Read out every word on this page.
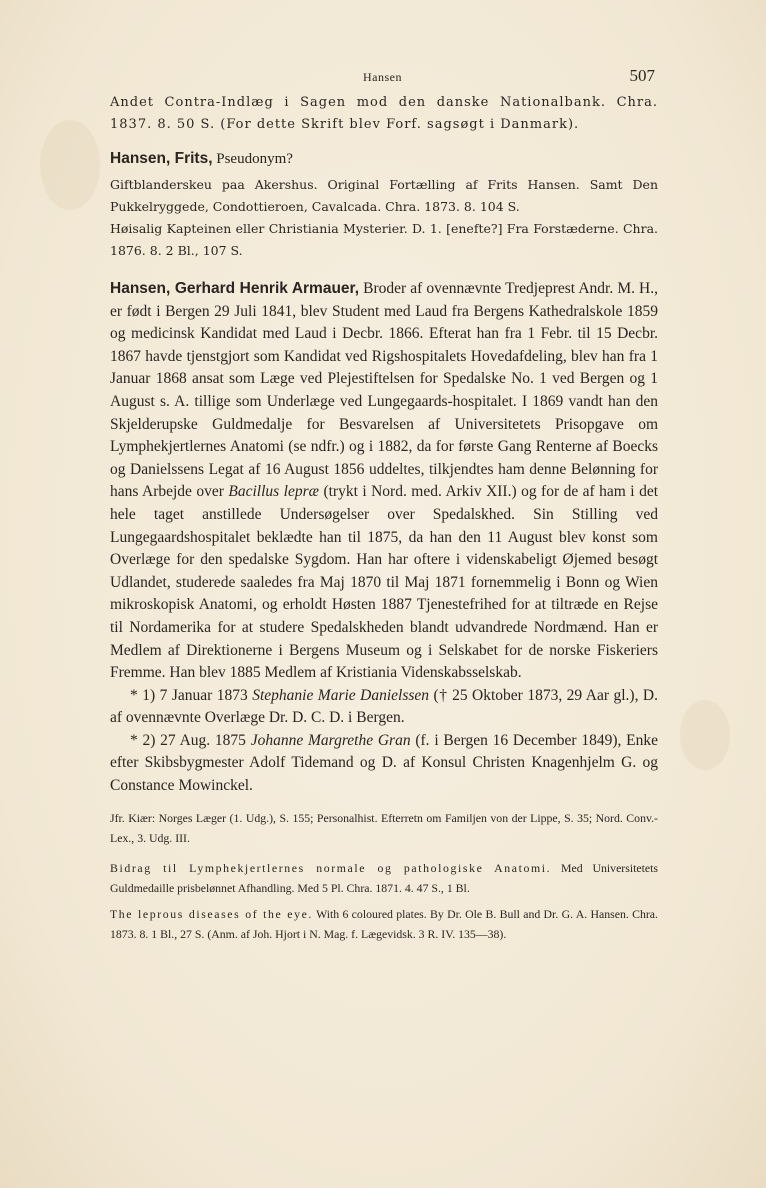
Hansen	507

Andet Contra-Indlæg i Sagen mod den danske Nationalbank. Chra. 1837. 8. 50 S. (For dette Skrift blev Forf. sagsøgt i Danmark).

Hansen, Frits, Pseudonym?

Giftblanderskeu paa Akershus. Original Fortælling af Frits Hansen. Samt Den Pukkelryggede, Condottieroen, Cavalcada. Chra. 1873. 8. 104 S.

Høisalig Kapteinen eller Christiania Mysterier. D. 1. [enefte?] Fra Forstæderne. Chra. 1876. 8. 2 Bl., 107 S.

Hansen, Gerhard Henrik Armauer, Broder af ovennævnte Tredjeprest Andr. M. H., er født i Bergen 29 Juli 1841, blev Student med Laud fra Bergens Kathedralskole 1859 og medicinsk Kandidat med Laud i Decbr. 1866. Efterat han fra 1 Febr. til 15 Decbr. 1867 havde tjenstgjort som Kandidat ved Rigshospitalets Hovedafdeling, blev han fra 1 Januar 1868 ansat som Læge ved Plejestiftelsen for Spedalske No. 1 ved Bergen og 1 August s. A. tillige som Underlæge ved Lungegaards-hospitalet. I 1869 vandt han den Skjelderupske Guldmedalje for Besvarelsen af Universitetets Prisopgave om Lymphekjertlernes Anatomi (se ndfr.) og i 1882, da for første Gang Renterne af Boecks og Danielssens Legat af 16 August 1856 uddeltes, tilkjendtes ham denne Belønning for hans Arbejde over Bacillus lepræ (trykt i Nord. med. Arkiv XII.) og for de af ham i det hele taget anstillede Undersøgelser over Spedalskhed. Sin Stilling ved Lungegaardshospitalet beklædte han til 1875, da han den 11 August blev konst som Overlæge for den spedalske Sygdom. Han har oftere i videnskabeligt Øjemed besøgt Udlandet, studerede saaledes fra Maj 1870 til Maj 1871 fornemmelig i Bonn og Wien mikroskopisk Anatomi, og erholdt Høsten 1887 Tjenestefrihed for at tiltræde en Rejse til Nordamerika for at studere Spedalskheden blandt udvandrede Nordmænd. Han er Medlem af Direktionerne i Bergens Museum og i Selskabet for de norske Fiskeriers Fremme. Han blev 1885 Medlem af Kristiania Videnskabsselskab.

* 1) 7 Januar 1873 Stephanie Marie Danielssen († 25 Oktober 1873, 29 Aar gl.), D. af ovennævnte Overlæge Dr. D. C. D. i Bergen.

* 2) 27 Aug. 1875 Johanne Margrethe Gran (f. i Bergen 16 December 1849), Enke efter Skibsbygmester Adolf Tidemand og D. af Konsul Christen Knagenhjelm G. og Constance Mowinckel.

Jfr. Kiær: Norges Læger (1. Udg.), S. 155; Personalhist. Efterretn om Familjen von der Lippe, S. 35; Nord. Conv.-Lex., 3. Udg. III.

Bidrag til Lymphekjertlernes normale og pathologiske Anatomi. Med Universitetets Guldmedaille prisbelønnet Afhandling. Med 5 Pl. Chra. 1871. 4. 47 S., 1 Bl.

The leprous diseases of the eye. With 6 coloured plates. By Dr. Ole B. Bull and Dr. G. A. Hansen. Chra. 1873. 8. 1 Bl., 27 S. (Anm. af Joh. Hjort i N. Mag. f. Lægevidsk. 3 R. IV. 135—38).
